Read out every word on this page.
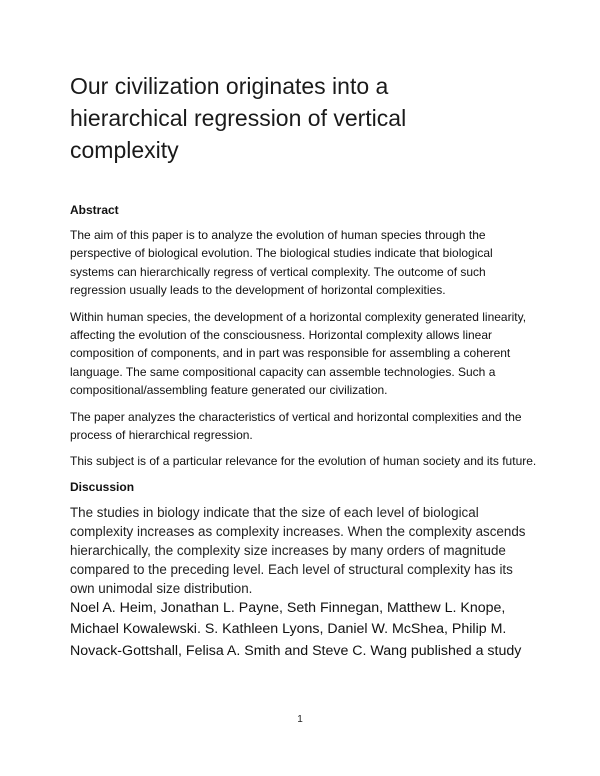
Our civilization originates into a hierarchical regression of vertical complexity
Abstract

The aim of this paper is to analyze the evolution of human species through the perspective of biological evolution. The biological studies indicate that biological systems can hierarchically regress of vertical complexity. The outcome of such regression usually leads to the development of horizontal complexities.

Within human species, the development of a horizontal complexity generated linearity, affecting the evolution of the consciousness. Horizontal complexity allows linear composition of components, and in part was responsible for assembling a coherent language. The same compositional capacity can assemble technologies. Such a compositional/assembling feature generated our civilization.

The paper analyzes the characteristics of vertical and horizontal complexities and the process of hierarchical regression.

This subject is of a particular relevance for the evolution of human society and its future.

Discussion

The studies in biology indicate that the size of each level of biological complexity increases as complexity increases. When the complexity ascends hierarchically, the complexity size increases by many orders of magnitude compared to the preceding level. Each level of structural complexity has its own unimodal size distribution.

Noel A. Heim, Jonathan L. Payne, Seth Finnegan, Matthew L. Knope, Michael Kowalewski. S. Kathleen Lyons, Daniel W. McShea, Philip M. Novack-Gottshall, Felisa A. Smith and Steve C. Wang published a study

1
